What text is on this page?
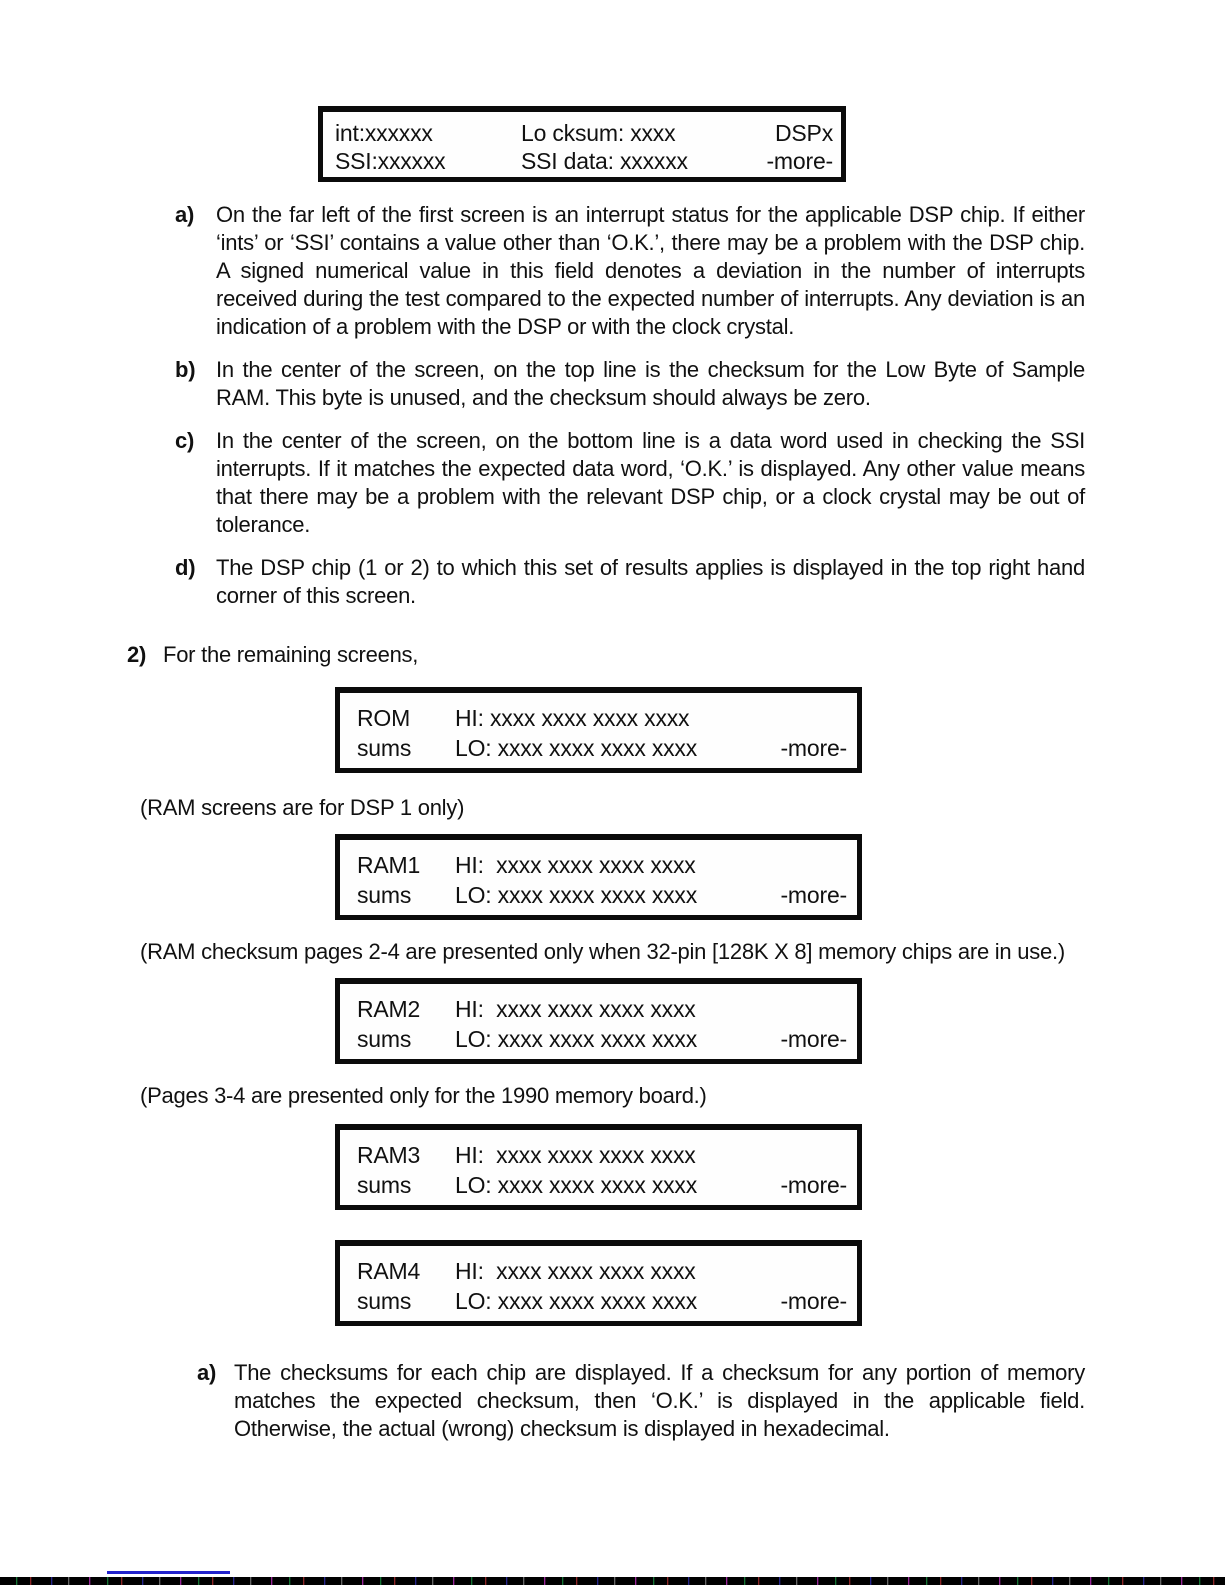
int:xxxxxx	Lo cksum: xxxx	DSPx
SSI:xxxxxx	SSI data: xxxxxx	-more-
a) On the far left of the first screen is an interrupt status for the applicable DSP chip. If either ‘ints’ or ‘SSI’ contains a value other than ‘O.K.’, there may be a problem with the DSP chip. A signed numerical value in this field denotes a deviation in the number of interrupts received during the test compared to the expected number of interrupts. Any deviation is an indication of a problem with the DSP or with the clock crystal.
b) In the center of the screen, on the top line is the checksum for the Low Byte of Sample RAM. This byte is unused, and the checksum should always be zero.
c) In the center of the screen, on the bottom line is a data word used in checking the SSI interrupts. If it matches the expected data word, ‘O.K.’ is displayed. Any other value means that there may be a problem with the relevant DSP chip, or a clock crystal may be out of tolerance.
d) The DSP chip (1 or 2) to which this set of results applies is displayed in the top right hand corner of this screen.
2) For the remaining screens,
ROM	HI: xxxx xxxx xxxx xxxx
sums	LO: xxxx xxxx xxxx xxxx	-more-

(RAM screens are for DSP 1 only)

RAM1	HI:  xxxx xxxx xxxx xxxx
sums	LO: xxxx xxxx xxxx xxxx	-more-

(RAM checksum pages 2-4 are presented only when 32-pin [128K X 8] memory chips are in use.)

RAM2	HI:  xxxx xxxx xxxx xxxx
sums	LO: xxxx xxxx xxxx xxxx	-more-

(Pages 3-4 are presented only for the 1990 memory board.)

RAM3	HI:  xxxx xxxx xxxx xxxx
sums	LO: xxxx xxxx xxxx xxxx	-more-
RAM4	HI:  xxxx xxxx xxxx xxxx
sums	LO: xxxx xxxx xxxx xxxx	-more-
a) The checksums for each chip are displayed. If a checksum for any portion of memory matches the expected checksum, then ‘O.K.’ is displayed in the applicable field. Otherwise, the actual (wrong) checksum is displayed in hexadecimal.
